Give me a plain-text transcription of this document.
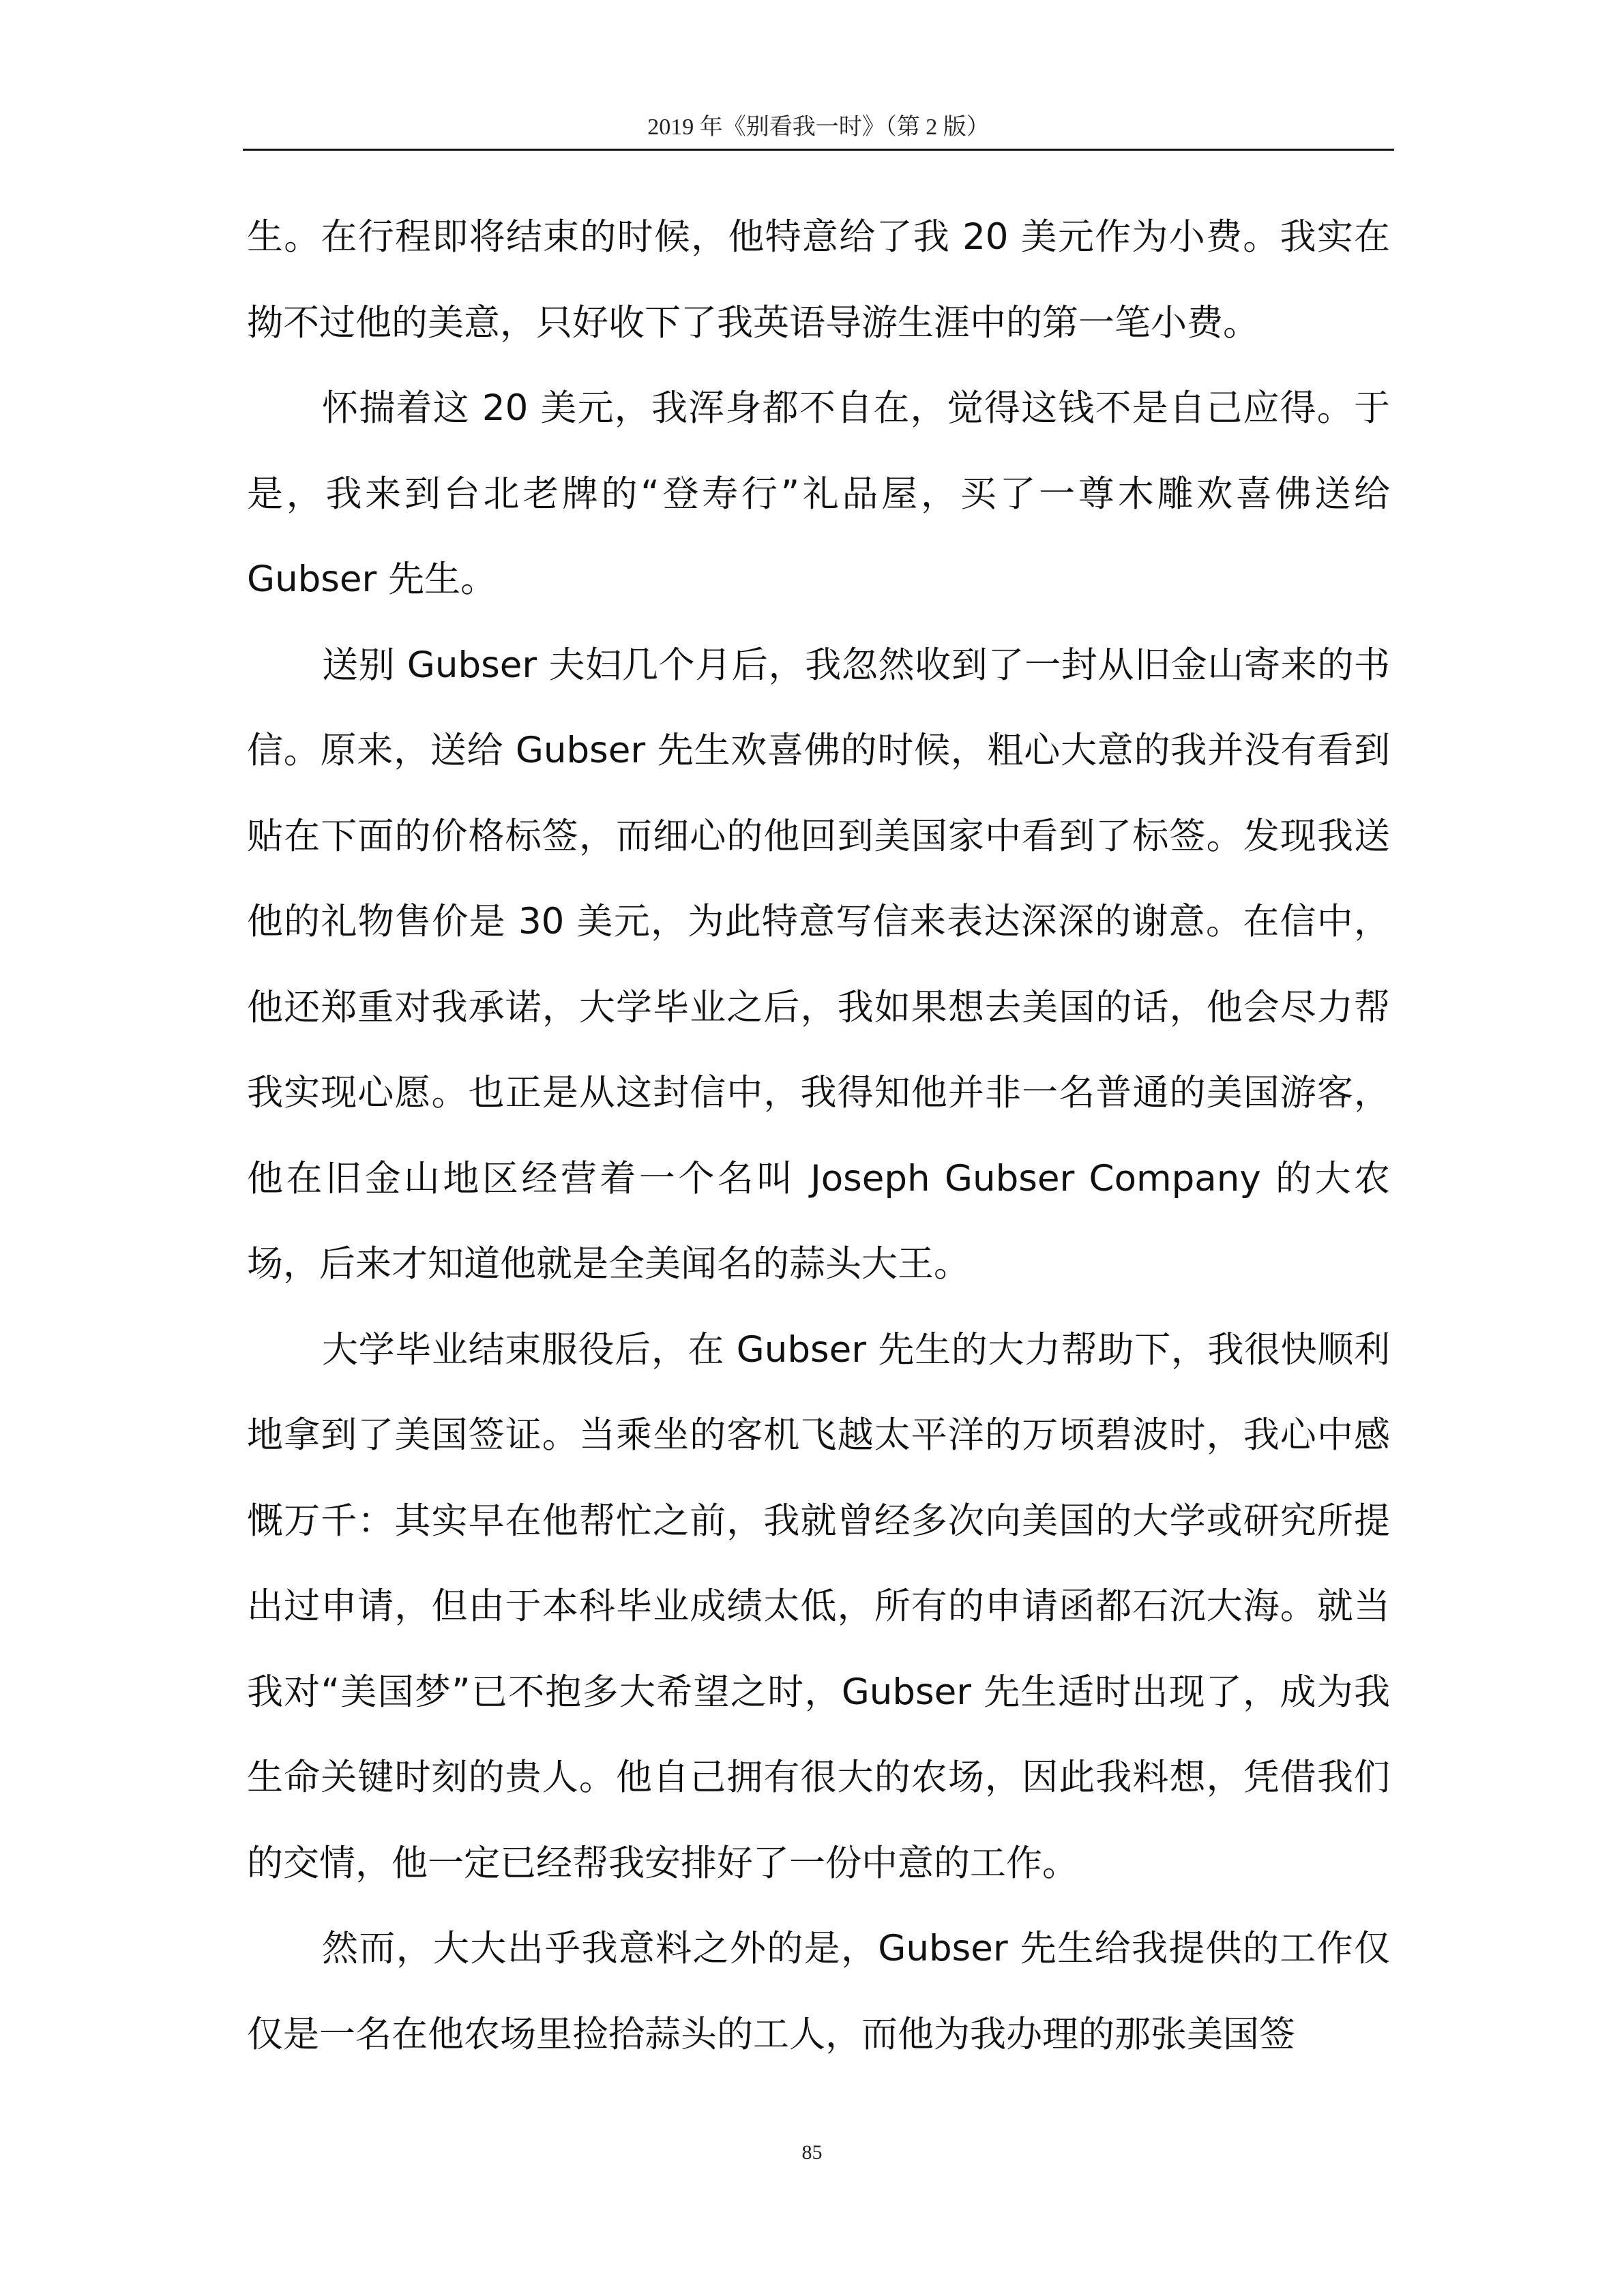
2019 年《别看我一时》（第 2 版）

生。在行程即将结束的时候，他特意给了我 20 美元作为小费。我实在拗不过他的美意，只好收下了我英语导游生涯中的第一笔小费。

怀揣着这 20 美元，我浑身都不自在，觉得这钱不是自己应得。于是，我来到台北老牌的“登寿行”礼品屋，买了一尊木雕欢喜佛送给 Gubser 先生。

送别 Gubser 夫妇几个月后，我忽然收到了一封从旧金山寄来的书信。原来，送给 Gubser 先生欢喜佛的时候，粗心大意的我并没有看到贴在下面的价格标签，而细心的他回到美国家中看到了标签。发现我送他的礼物售价是 30 美元，为此特意写信来表达深深的谢意。在信中，他还郑重对我承诺，大学毕业之后，我如果想去美国的话，他会尽力帮我实现心愿。也正是从这封信中，我得知他并非一名普通的美国游客，他在旧金山地区经营着一个名叫 Joseph Gubser Company 的大农场，后来才知道他就是全美闻名的蒜头大王。

大学毕业结束服役后，在 Gubser 先生的大力帮助下，我很快顺利地拿到了美国签证。当乘坐的客机飞越太平洋的万顷碧波时，我心中感慨万千：其实早在他帮忙之前，我就曾经多次向美国的大学或研究所提出过申请，但由于本科毕业成绩太低，所有的申请函都石沉大海。就当我对“美国梦”已不抱多大希望之时，Gubser 先生适时出现了，成为我生命关键时刻的贵人。他自己拥有很大的农场，因此我料想，凭借我们的交情，他一定已经帮我安排好了一份中意的工作。

然而，大大出乎我意料之外的是，Gubser 先生给我提供的工作仅仅是一名在他农场里捡拾蒜头的工人，而他为我办理的那张美国签

85
